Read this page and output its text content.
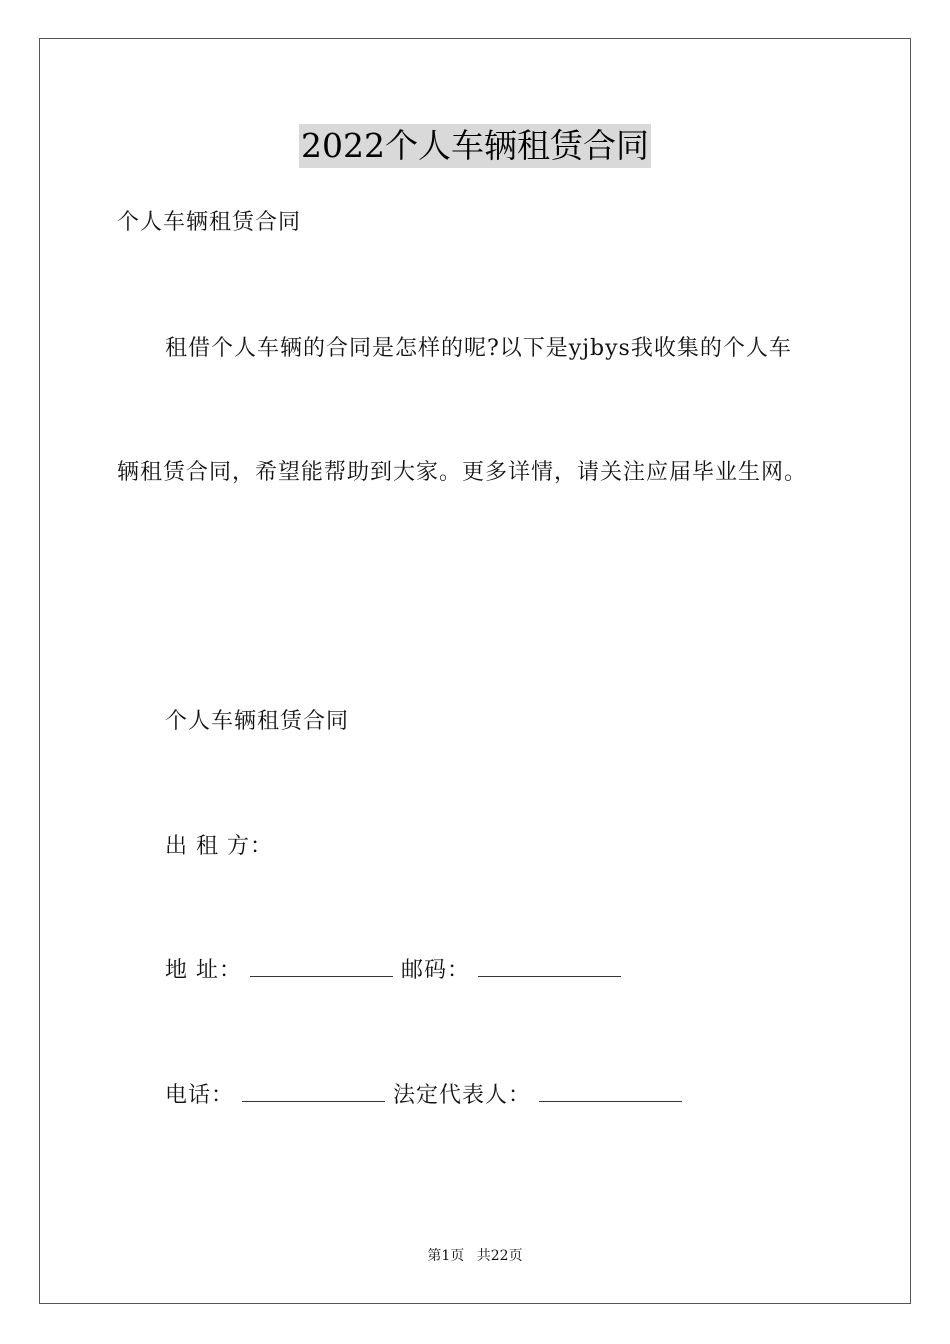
2022个人车辆租赁合同
个人车辆租赁合同
租借个人车辆的合同是怎样的呢?以下是yjbys我收集的个人车
辆租赁合同，希望能帮助到大家。更多详情，请关注应届毕业生网。
个人车辆租赁合同
出 租 方：
地 址：	邮码：
电话：	法定代表人：
第1页 共22页
